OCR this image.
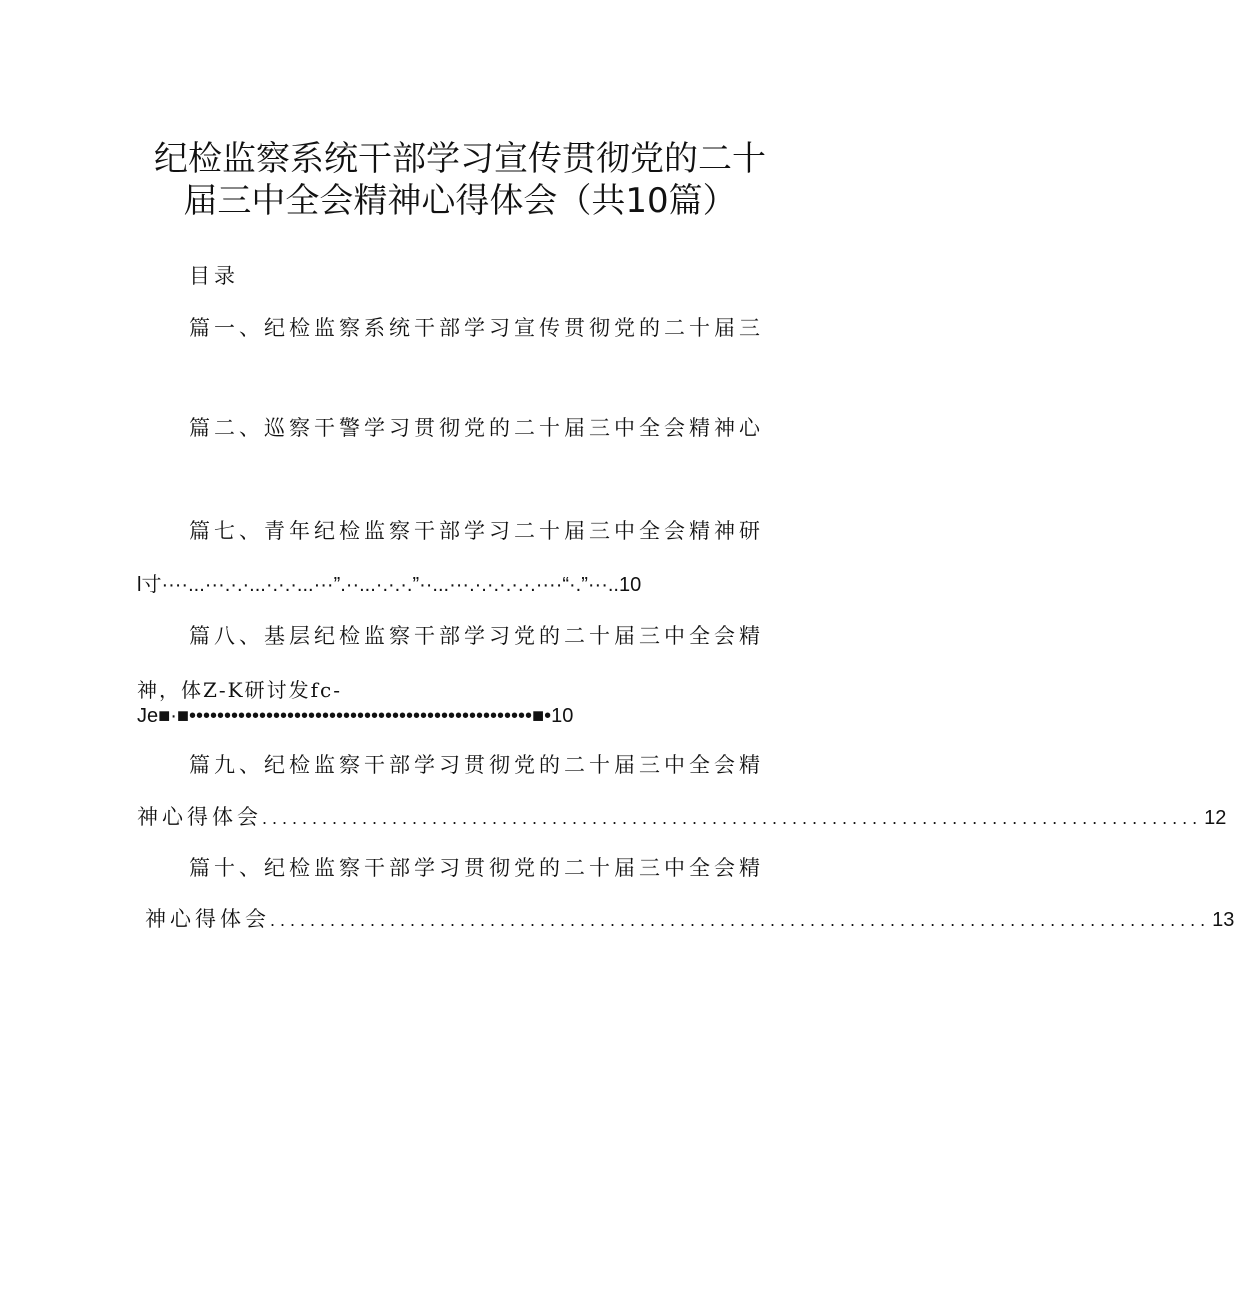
纪检监察系统干部学习宣传贯彻党的二十
届三中全会精神心得体会（共10篇）
目录
篇一、纪检监察系统干部学习宣传贯彻党的二十届三
篇二、巡察干警学习贯彻党的二十届三中全会精神心
篇七、青年纪检监察干部学习二十届三中全会精神研
l寸····...···.·.·...·.·.·...···”.··...·.·.·.”··...···.·.·.·.·.·.····“·.”···..10
篇八、基层纪检监察干部学习党的二十届三中全会精
神，体Z-K研讨发fc-
Je■·■•••••••••••••••••••••••••••••••••••••••••••••••••■•10
篇九、纪检监察干部学习贯彻党的二十届三中全会精
神心得体会 .............................................................................................. 12
篇十、纪检监察干部学习贯彻党的二十届三中全会精
神心得体会 .............................................................................................. 13
